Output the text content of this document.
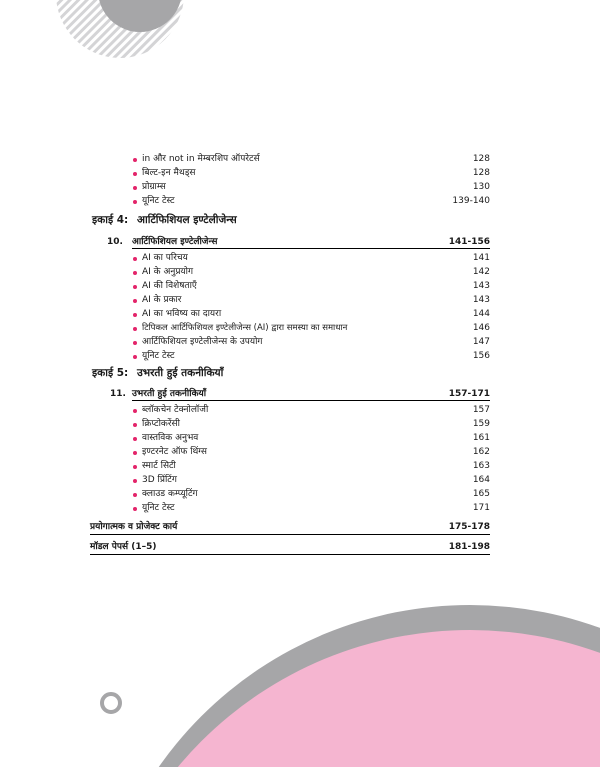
in और not in मेम्बरशिप ऑपरेटर्स	128
बिल्ट-इन मैथड्स	128
प्रोग्राम्स	130
यूनिट टेस्ट	139-140
इकाई 4: आर्टिफिशियल इण्टेलीजेन्स
10. आर्टिफिशियल इण्टेलीजेन्स	141-156
AI का परिचय	141
AI के अनुप्रयोग	142
AI की विशेषताएँ	143
AI के प्रकार	143
AI का भविष्य का दायरा	144
टिपिकल आर्टिफिशियल इण्टेलीजेन्स (AI) द्वारा समस्या का समाधान	146
आर्टिफिशियल इण्टेलीजेन्स के उपयोग	147
यूनिट टेस्ट	156
इकाई 5: उभरती हुई तकनीकियाँ
11. उभरती हुई तकनीकियाँ	157-171
ब्लॉकचेन टेक्नोलॉजी	157
क्रिप्टोकरेंसी	159
वास्तविक अनुभव	161
इण्टरनेट ऑफ थिंग्स	162
स्मार्ट सिटी	163
3D प्रिंटिंग	164
क्लाउड कम्प्यूटिंग	165
यूनिट टेस्ट	171
प्रयोगात्मक व प्रोजेक्ट कार्य	175-178
मॉडल पेपर्स (1–5)	181-198
